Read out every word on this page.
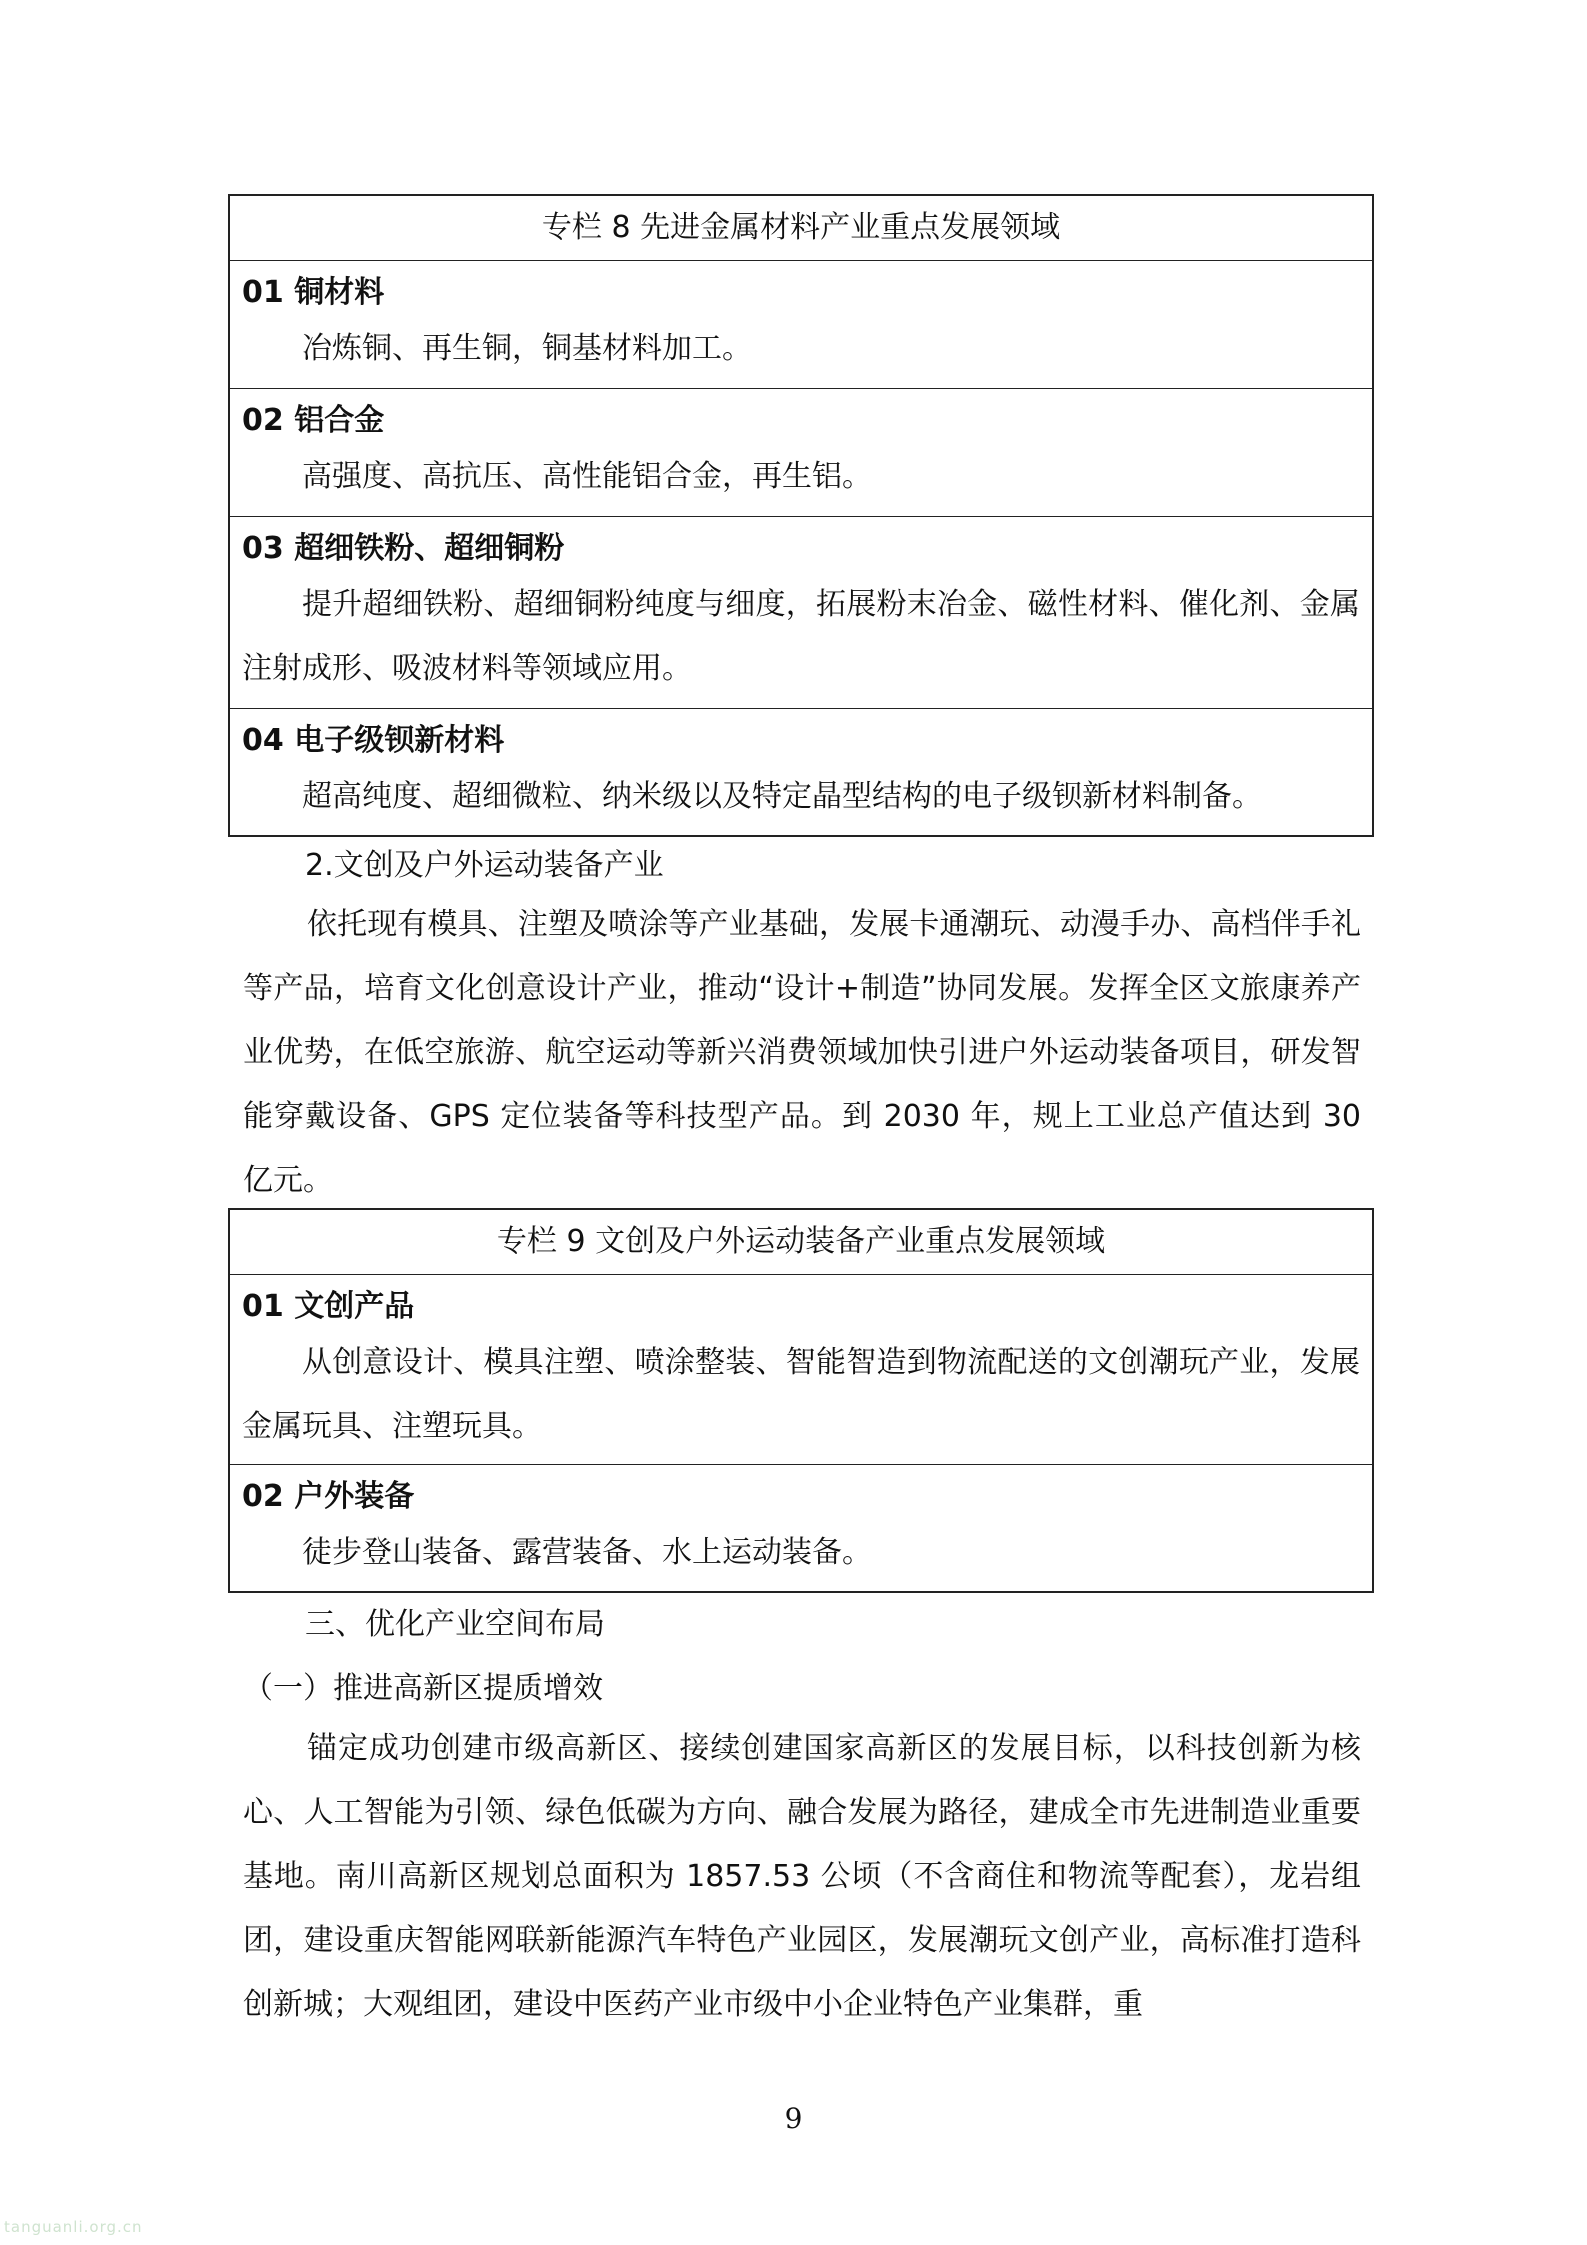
专栏 8 先进金属材料产业重点发展领域
01 铜材料
冶炼铜、再生铜，铜基材料加工。
02 铝合金
高强度、高抗压、高性能铝合金，再生铝。
03 超细铁粉、超细铜粉
提升超细铁粉、超细铜粉纯度与细度，拓展粉末冶金、磁性材料、催化剂、金属注射成形、吸波材料等领域应用。
04 电子级钡新材料
超高纯度、超细微粒、纳米级以及特定晶型结构的电子级钡新材料制备。

2.文创及户外运动装备产业

依托现有模具、注塑及喷涂等产业基础，发展卡通潮玩、动漫手办、高档伴手礼等产品，培育文化创意设计产业，推动“设计+制造”协同发展。发挥全区文旅康养产业优势，在低空旅游、航空运动等新兴消费领域加快引进户外运动装备项目，研发智能穿戴设备、GPS 定位装备等科技型产品。到 2030 年，规上工业总产值达到 30 亿元。

专栏 9 文创及户外运动装备产业重点发展领域
01 文创产品
从创意设计、模具注塑、喷涂整装、智能智造到物流配送的文创潮玩产业，发展金属玩具、注塑玩具。
02 户外装备
徒步登山装备、露营装备、水上运动装备。

三、优化产业空间布局

（一）推进高新区提质增效

锚定成功创建市级高新区、接续创建国家高新区的发展目标，以科技创新为核心、人工智能为引领、绿色低碳为方向、融合发展为路径，建成全市先进制造业重要基地。南川高新区规划总面积为 1857.53 公顷（不含商住和物流等配套），龙岩组团，建设重庆智能网联新能源汽车特色产业园区，发展潮玩文创产业，高标准打造科创新城；大观组团，建设中医药产业市级中小企业特色产业集群，重

9
tanguanli.org.cn
